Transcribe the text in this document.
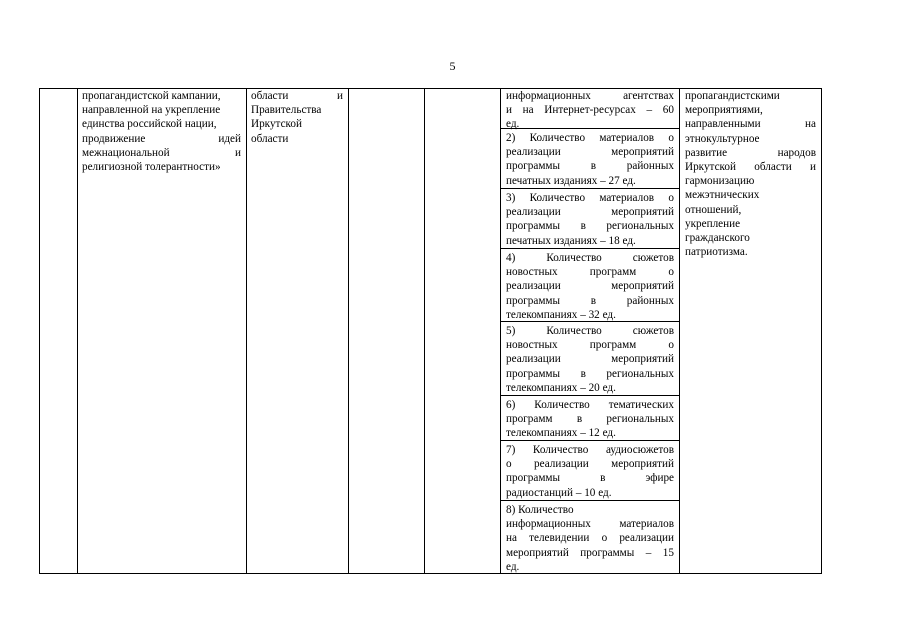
5
пропагандистской кампании,
направленной на укрепление
единства российской нации,
продвижение идей
межнациональной и
религиозной толерантности»
области и
Правительства
Иркутской
области
информационных агентствах
и на Интернет-ресурсах – 60
ед.
2) Количество материалов о
реализации мероприятий
программы в районных
печатных изданиях – 27 ед.
3) Количество материалов о
реализации мероприятий
программы в региональных
печатных изданиях – 18 ед.
4) Количество сюжетов
новостных программ о
реализации мероприятий
программы в районных
телекомпаниях – 32 ед.
5) Количество сюжетов
новостных программ о
реализации мероприятий
программы в региональных
телекомпаниях – 20 ед.
6) Количество тематических
программ в региональных
телекомпаниях – 12 ед.
7) Количество аудиосюжетов
о реализации мероприятий
программы в эфире
радиостанций – 10 ед.
8) Количество
информационных материалов
на телевидении о реализации
мероприятий программы – 15
ед.
пропагандистскими
мероприятиями,
направленными на
этнокультурное
развитие народов
Иркутской области и
гармонизацию
межэтнических
отношений,
укрепление
гражданского
патриотизма.
